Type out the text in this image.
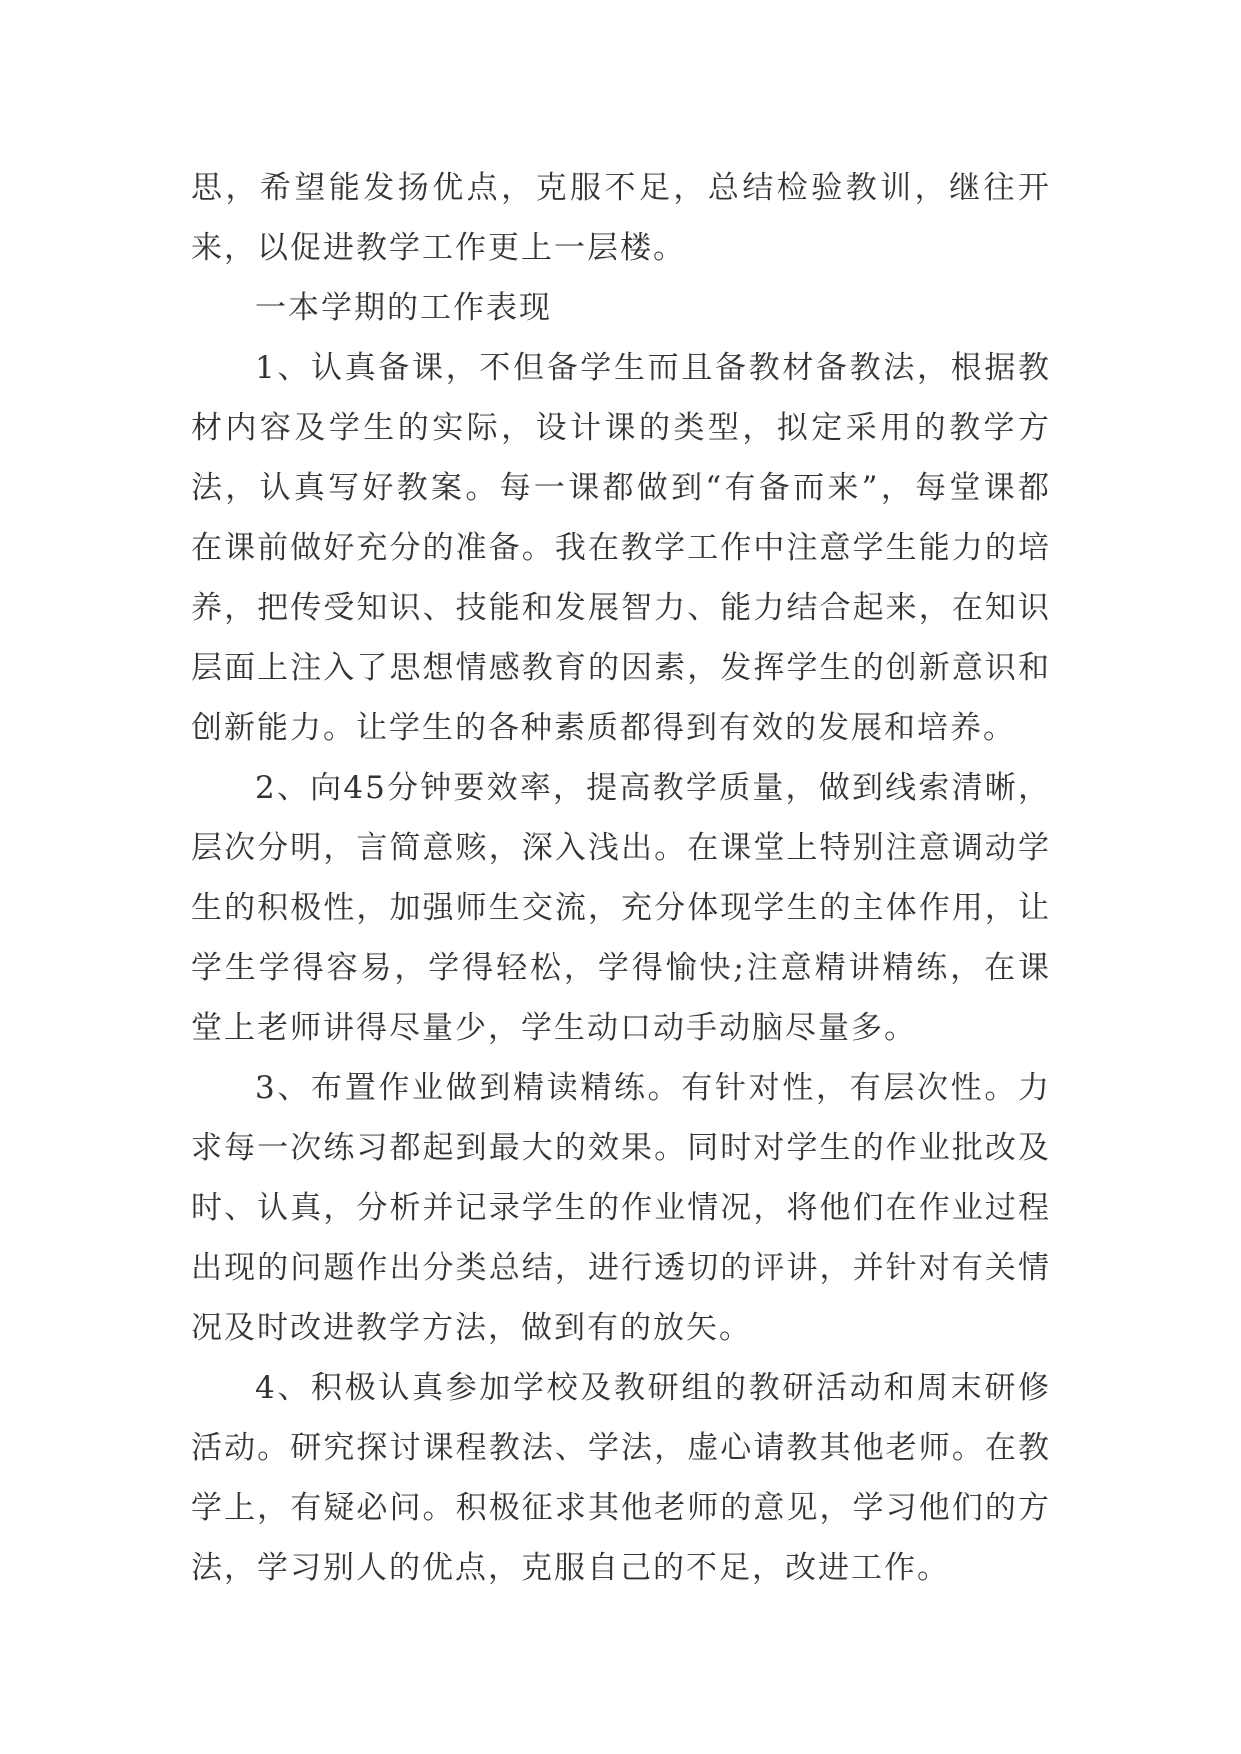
思，希望能发扬优点，克服不足，总结检验教训，继往开来，以促进教学工作更上一层楼。

一本学期的工作表现

1、认真备课，不但备学生而且备教材备教法，根据教材内容及学生的实际，设计课的类型，拟定采用的教学方法，认真写好教案。每一课都做到“有备而来”，每堂课都在课前做好充分的准备。我在教学工作中注意学生能力的培养，把传受知识、技能和发展智力、能力结合起来，在知识层面上注入了思想情感教育的因素，发挥学生的创新意识和创新能力。让学生的各种素质都得到有效的发展和培养。

2、向45分钟要效率，提高教学质量，做到线索清晰，层次分明，言简意赅，深入浅出。在课堂上特别注意调动学生的积极性，加强师生交流，充分体现学生的主体作用，让学生学得容易，学得轻松，学得愉快;注意精讲精练，在课堂上老师讲得尽量少，学生动口动手动脑尽量多。

3、布置作业做到精读精练。有针对性，有层次性。力求每一次练习都起到最大的效果。同时对学生的作业批改及时、认真，分析并记录学生的作业情况，将他们在作业过程出现的问题作出分类总结，进行透切的评讲，并针对有关情况及时改进教学方法，做到有的放矢。

4、积极认真参加学校及教研组的教研活动和周末研修活动。研究探讨课程教法、学法，虚心请教其他老师。在教学上，有疑必问。积极征求其他老师的意见，学习他们的方法，学习别人的优点，克服自己的不足，改进工作。
